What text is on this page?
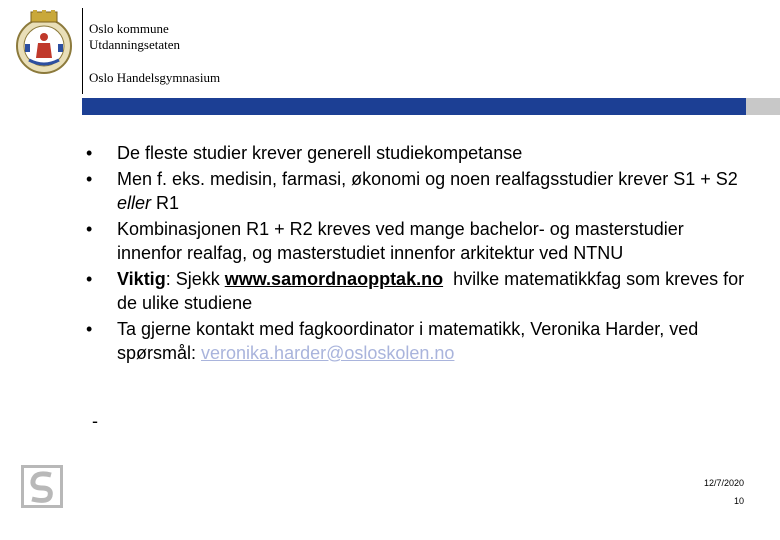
Oslo kommune
Utdanningsetaten
Oslo Handelsgymnasium
• De fleste studier krever generell studiekompetanse
• Men f. eks. medisin, farmasi, økonomi og noen realfagsstudier krever S1 + S2 eller R1
• Kombinasjonen R1 + R2 kreves ved mange bachelor- og masterstudier innenfor realfag, og masterstudiet innenfor arkitektur ved NTNU
• Viktig: Sjekk www.samordnaopptak.no  hvilke matematikkfag som kreves for de ulike studiene
• Ta gjerne kontakt med fagkoordinator i matematikk, Veronika Harder, ved spørsmål: veronika.harder@osloskolen.no
-
12/7/2020
10
